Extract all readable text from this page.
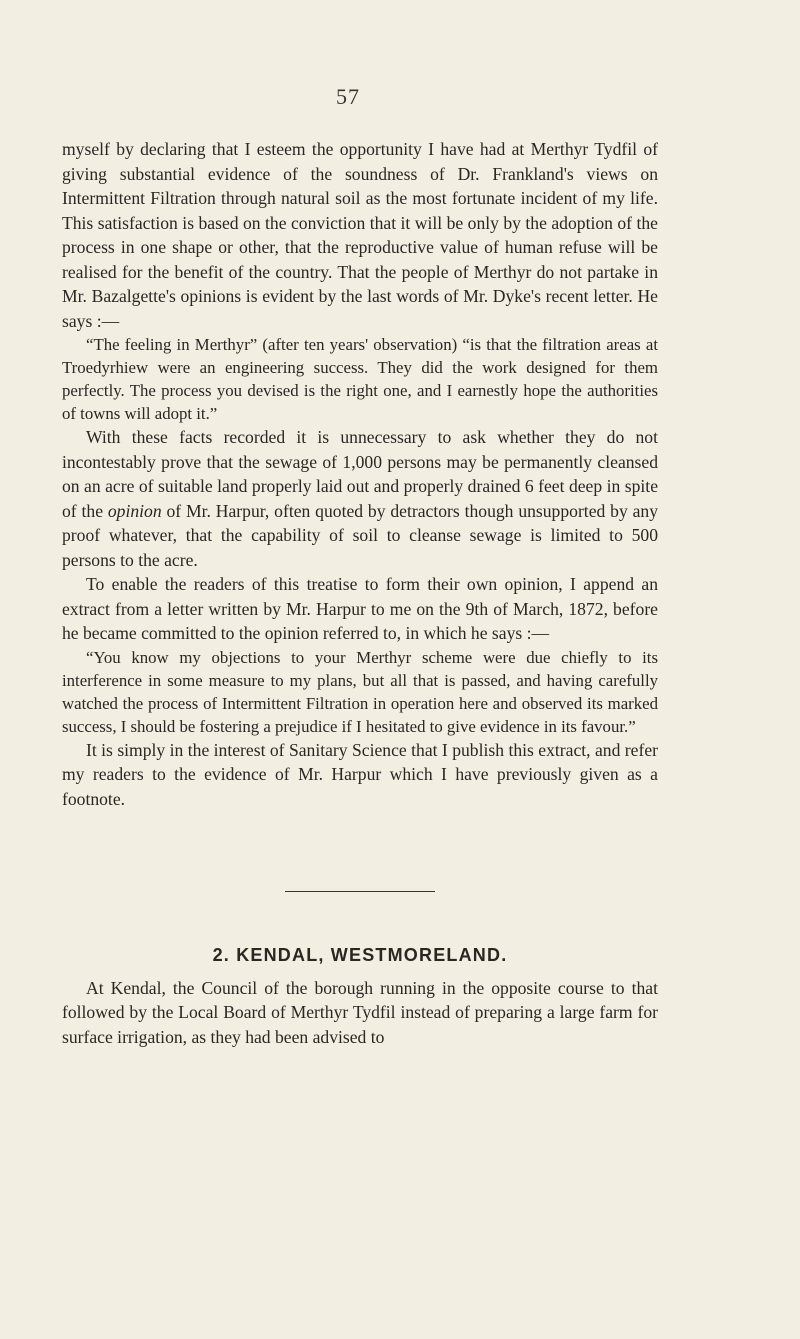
57

myself by declaring that I esteem the opportunity I have had at Merthyr Tydfil of giving substantial evidence of the soundness of Dr. Frankland's views on Intermittent Filtration through natural soil as the most fortunate incident of my life. This satisfaction is based on the conviction that it will be only by the adoption of the process in one shape or other, that the reproductive value of human refuse will be realised for the benefit of the country. That the people of Merthyr do not partake in Mr. Bazalgette's opinions is evident by the last words of Mr. Dyke's recent letter. He says :—

“The feeling in Merthyr” (after ten years' observation) “is that the filtration areas at Troedyrhiew were an engineering success. They did the work designed for them perfectly. The process you devised is the right one, and I earnestly hope the authorities of towns will adopt it.”

With these facts recorded it is unnecessary to ask whether they do not incontestably prove that the sewage of 1,000 persons may be permanently cleansed on an acre of suitable land properly laid out and properly drained 6 feet deep in spite of the opinion of Mr. Harpur, often quoted by detractors though unsupported by any proof whatever, that the capability of soil to cleanse sewage is limited to 500 persons to the acre.

To enable the readers of this treatise to form their own opinion, I append an extract from a letter written by Mr. Harpur to me on the 9th of March, 1872, before he became committed to the opinion referred to, in which he says :—

“You know my objections to your Merthyr scheme were due chiefly to its interference in some measure to my plans, but all that is passed, and having carefully watched the process of Intermittent Filtration in operation here and observed its marked success, I should be fostering a prejudice if I hesitated to give evidence in its favour.”

It is simply in the interest of Sanitary Science that I publish this extract, and refer my readers to the evidence of Mr. Harpur which I have previously given as a footnote.

2. KENDAL, WESTMORELAND.

At Kendal, the Council of the borough running in the opposite course to that followed by the Local Board of Merthyr Tydfil instead of preparing a large farm for surface irrigation, as they had been advised to
